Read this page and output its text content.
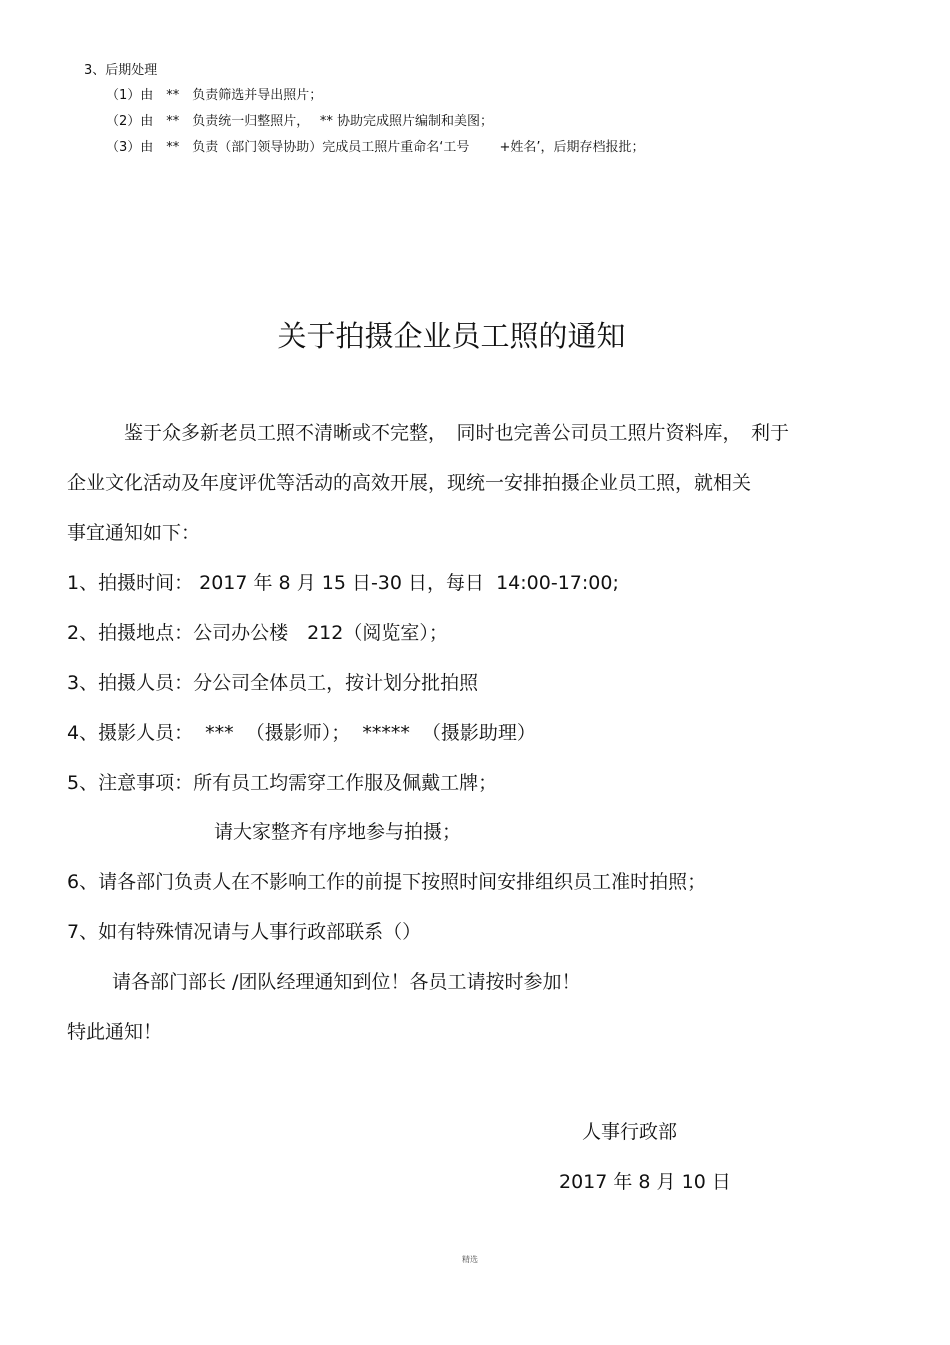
3、后期处理
（1）由　**　负责筛选并导出照片；
（2）由　**　负责统一归整照片，　 ** 协助完成照片编制和美图；
（3）由　**　负责（部门领导协助）完成员工照片重命名‘工号　　 +姓名’，后期存档报批；
关于拍摄企业员工照的通知
鉴于众多新老员工照不清晰或不完整，　同时也完善公司员工照片资料库，　利于
企业文化活动及年度评优等活动的高效开展，现统一安排拍摄企业员工照，就相关
事宜通知如下：
1、拍摄时间： 2017 年 8 月 15 日-30 日，每日  14:00-17:00;
2、拍摄地点：公司办公楼　212（阅览室）；
3、拍摄人员：分公司全体员工，按计划分批拍照
4、摄影人员：  ***  （摄影师）；  *****  （摄影助理）
5、注意事项：所有员工均需穿工作服及佩戴工牌；
请大家整齐有序地参与拍摄；
6、请各部门负责人在不影响工作的前提下按照时间安排组织员工准时拍照；
7、如有特殊情况请与人事行政部联系（）
请各部门部长 /团队经理通知到位！各员工请按时参加！
特此通知！
人事行政部
2017 年 8 月 10 日
精选
